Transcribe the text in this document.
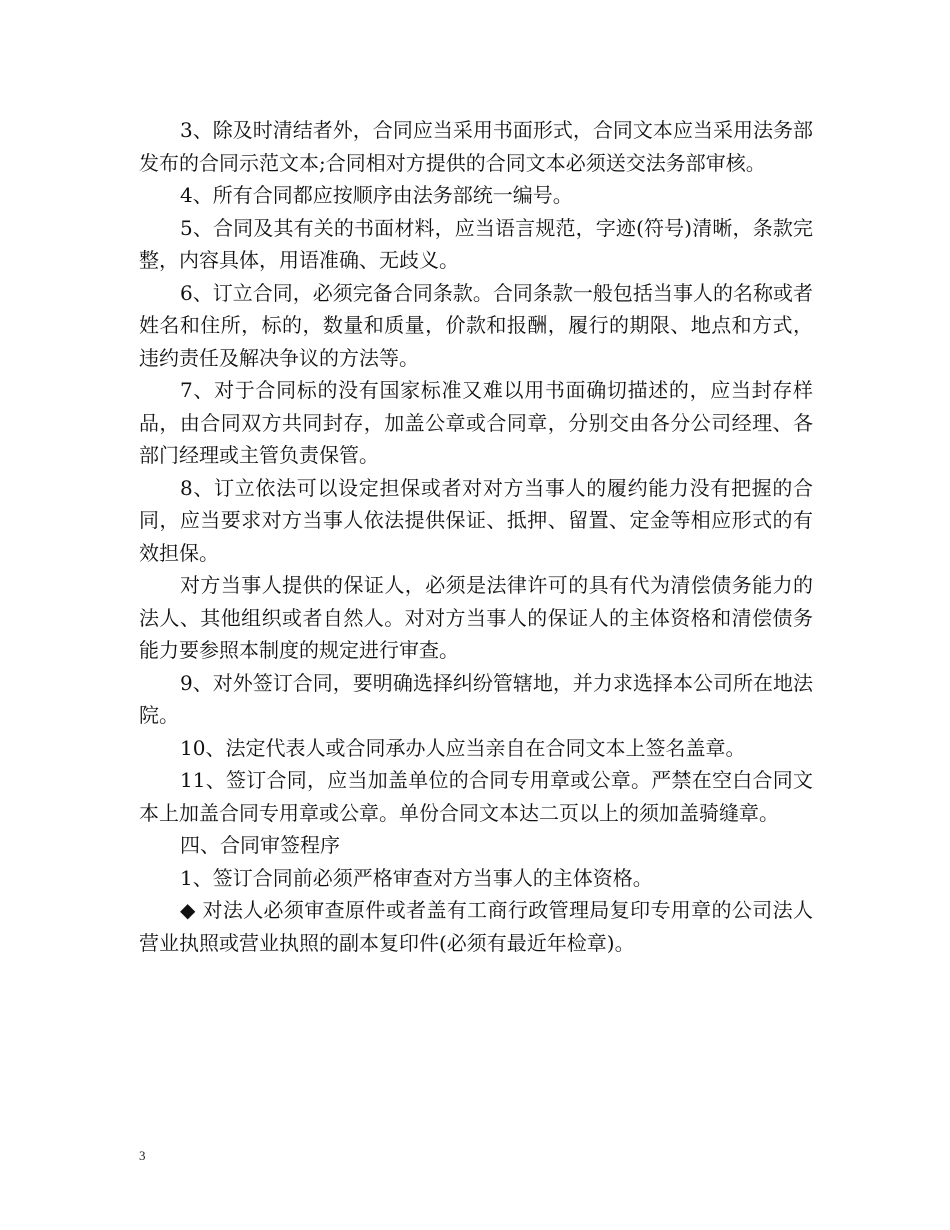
3、除及时清结者外，合同应当采用书面形式，合同文本应当采用法务部发布的合同示范文本;合同相对方提供的合同文本必须送交法务部审核。

4、所有合同都应按顺序由法务部统一编号。

5、合同及其有关的书面材料，应当语言规范，字迹(符号)清晰，条款完整，内容具体，用语准确、无歧义。

6、订立合同，必须完备合同条款。合同条款一般包括当事人的名称或者姓名和住所，标的，数量和质量，价款和报酬，履行的期限、地点和方式，违约责任及解决争议的方法等。

7、对于合同标的没有国家标准又难以用书面确切描述的，应当封存样品，由合同双方共同封存，加盖公章或合同章，分别交由各分公司经理、各部门经理或主管负责保管。

8、订立依法可以设定担保或者对对方当事人的履约能力没有把握的合同，应当要求对方当事人依法提供保证、抵押、留置、定金等相应形式的有效担保。

对方当事人提供的保证人，必须是法律许可的具有代为清偿债务能力的法人、其他组织或者自然人。对对方当事人的保证人的主体资格和清偿债务能力要参照本制度的规定进行审查。

9、对外签订合同，要明确选择纠纷管辖地，并力求选择本公司所在地法院。

10、法定代表人或合同承办人应当亲自在合同文本上签名盖章。

11、签订合同，应当加盖单位的合同专用章或公章。严禁在空白合同文本上加盖合同专用章或公章。单份合同文本达二页以上的须加盖骑缝章。

四、合同审签程序

1、签订合同前必须严格审查对方当事人的主体资格。

◆ 对法人必须审查原件或者盖有工商行政管理局复印专用章的公司法人营业执照或营业执照的副本复印件(必须有最近年检章)。

3
